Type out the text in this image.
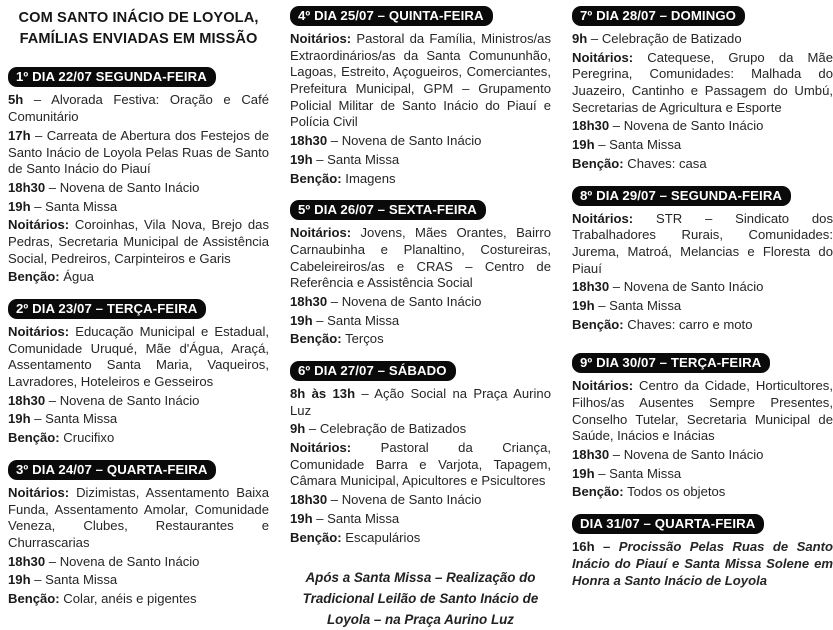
COM SANTO INÁCIO DE LOYOLA,
FAMÍLIAS ENVIADAS EM MISSÃO
1º DIA 22/07 SEGUNDA-FEIRA

5h – Alvorada Festiva: Oração e Café Comunitário

17h – Carreata de Abertura dos Festejos de Santo Inácio de Loyola Pelas Ruas de Santo de Santo Inácio do Piauí

18h30 – Novena de Santo Inácio

19h – Santa Missa

Noitários: Coroinhas, Vila Nova, Brejo das Pedras, Secretaria Municipal de Assistência Social, Pedreiros, Carpinteiros e Garis

Benção: Água

2º DIA 23/07 – TERÇA-FEIRA

Noitários: Educação Municipal e Estadual, Comunidade Uruqué, Mãe d'Água, Araçá, Assentamento Santa Maria, Vaqueiros, Lavradores, Hoteleiros e Gesseiros

18h30 – Novena de Santo Inácio

19h – Santa Missa

Benção: Crucifixo

3º DIA 24/07 – QUARTA-FEIRA

Noitários: Dizimistas, Assentamento Baixa Funda, Assentamento Amolar, Comunidade Veneza, Clubes, Restaurantes e Churrascarias

18h30 – Novena de Santo Inácio

19h – Santa Missa

Benção: Colar, anéis e pigentes

4º DIA 25/07 – QUINTA-FEIRA

Noitários: Pastoral da Família, Ministros/as Extraordinários/as da Santa Comununhão, Lagoas, Estreito, Açogueiros, Comerciantes, Prefeitura Municipal, GPM – Grupamento Policial Militar de Santo Inácio do Piauí e Polícia Civil

18h30 – Novena de Santo Inácio

19h – Santa Missa

Benção: Imagens

5º DIA 26/07 – SEXTA-FEIRA

Noitários: Jovens, Mães Orantes, Bairro Carnaubinha e Planaltino, Costureiras, Cabeleireiros/as e CRAS – Centro de Referência e Assistência Social

18h30 – Novena de Santo Inácio

19h – Santa Missa

Benção: Terços

6º DIA 27/07 – SÁBADO

8h às 13h – Ação Social na Praça Aurino Luz

9h – Celebração de Batizados

Noitários: Pastoral da Criança, Comunidade Barra e Varjota, Tapagem, Câmara Municipal, Apicultores e Psicultores

18h30 – Novena de Santo Inácio

19h – Santa Missa

Benção: Escapulários

Após a Santa Missa – Realização do Tradicional Leilão de Santo Inácio de Loyola – na Praça Aurino Luz

7º DIA 28/07 – DOMINGO

9h – Celebração de Batizado

Noitários: Catequese, Grupo da Mãe Peregrina, Comunidades: Malhada do Juazeiro, Cantinho e Passagem do Umbú, Secretarias de Agricultura e Esporte

18h30 – Novena de Santo Inácio

19h – Santa Missa

Benção: Chaves: casa

8º DIA 29/07 – SEGUNDA-FEIRA

Noitários: STR – Sindicato dos Trabalhadores Rurais, Comunidades: Jurema, Matroá, Melancias e Floresta do Piauí

18h30 – Novena de Santo Inácio

19h – Santa Missa

Benção: Chaves: carro e moto

9º DIA 30/07 – TERÇA-FEIRA

Noitários: Centro da Cidade, Horticultores, Filhos/as Ausentes Sempre Presentes, Conselho Tutelar, Secretaria Municipal de Saúde, Inácios e Inácias

18h30 – Novena de Santo Inácio

19h – Santa Missa

Benção: Todos os objetos

DIA 31/07 – QUARTA-FEIRA

16h – Procissão Pelas Ruas de Santo Inácio do Piauí e Santa Missa Solene em Honra a Santo Inácio de Loyola
